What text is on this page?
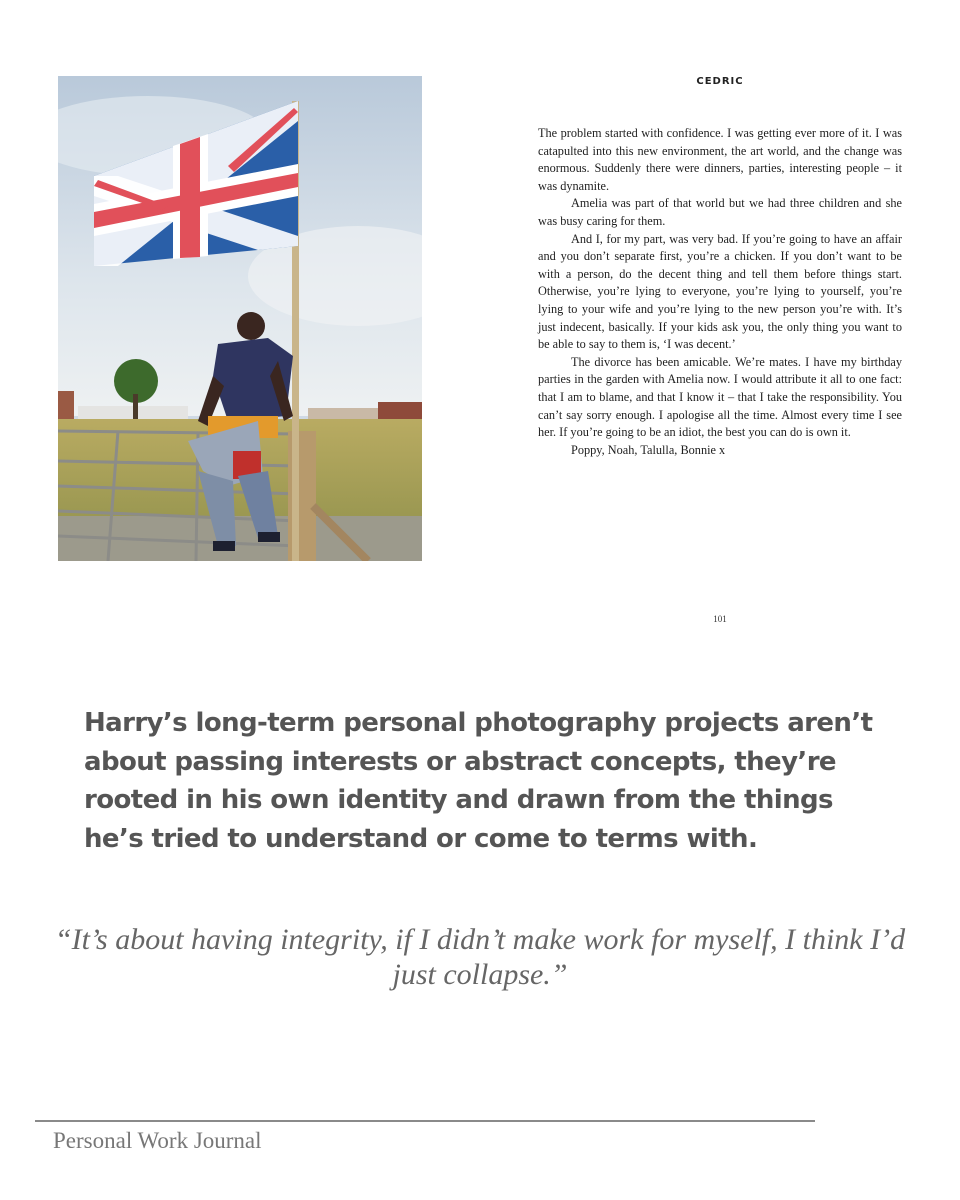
CEDRIC

The problem started with confidence. I was getting ever more of it. I was catapulted into this new environment, the art world, and the change was enormous. Suddenly there were dinners, parties, interesting people – it was dynamite.

Amelia was part of that world but we had three children and she was busy caring for them.

And I, for my part, was very bad. If you’re going to have an affair and you don’t separate first, you’re a chicken. If you don’t want to be with a person, do the decent thing and tell them before things start. Otherwise, you’re lying to everyone, you’re lying to yourself, you’re lying to your wife and you’re lying to the new person you’re with. It’s just indecent, basically. If your kids ask you, the only thing you want to be able to say to them is, ‘I was decent.’

The divorce has been amicable. We’re mates. I have my birthday parties in the garden with Amelia now. I would attribute it all to one fact: that I am to blame, and that I know it – that I take the responsibility. You can’t say sorry enough. I apologise all the time. Almost every time I see her. If you’re going to be an idiot, the best you can do is own it.

Poppy, Noah, Talulla, Bonnie x

101

Harry’s long-term personal photography projects aren’t about passing interests or abstract concepts, they’re rooted in his own identity and drawn from the things he’s tried to understand or come to terms with.

“It’s about having integrity, if I didn’t make work for myself, I think I’d just collapse.”

Personal Work Journal
